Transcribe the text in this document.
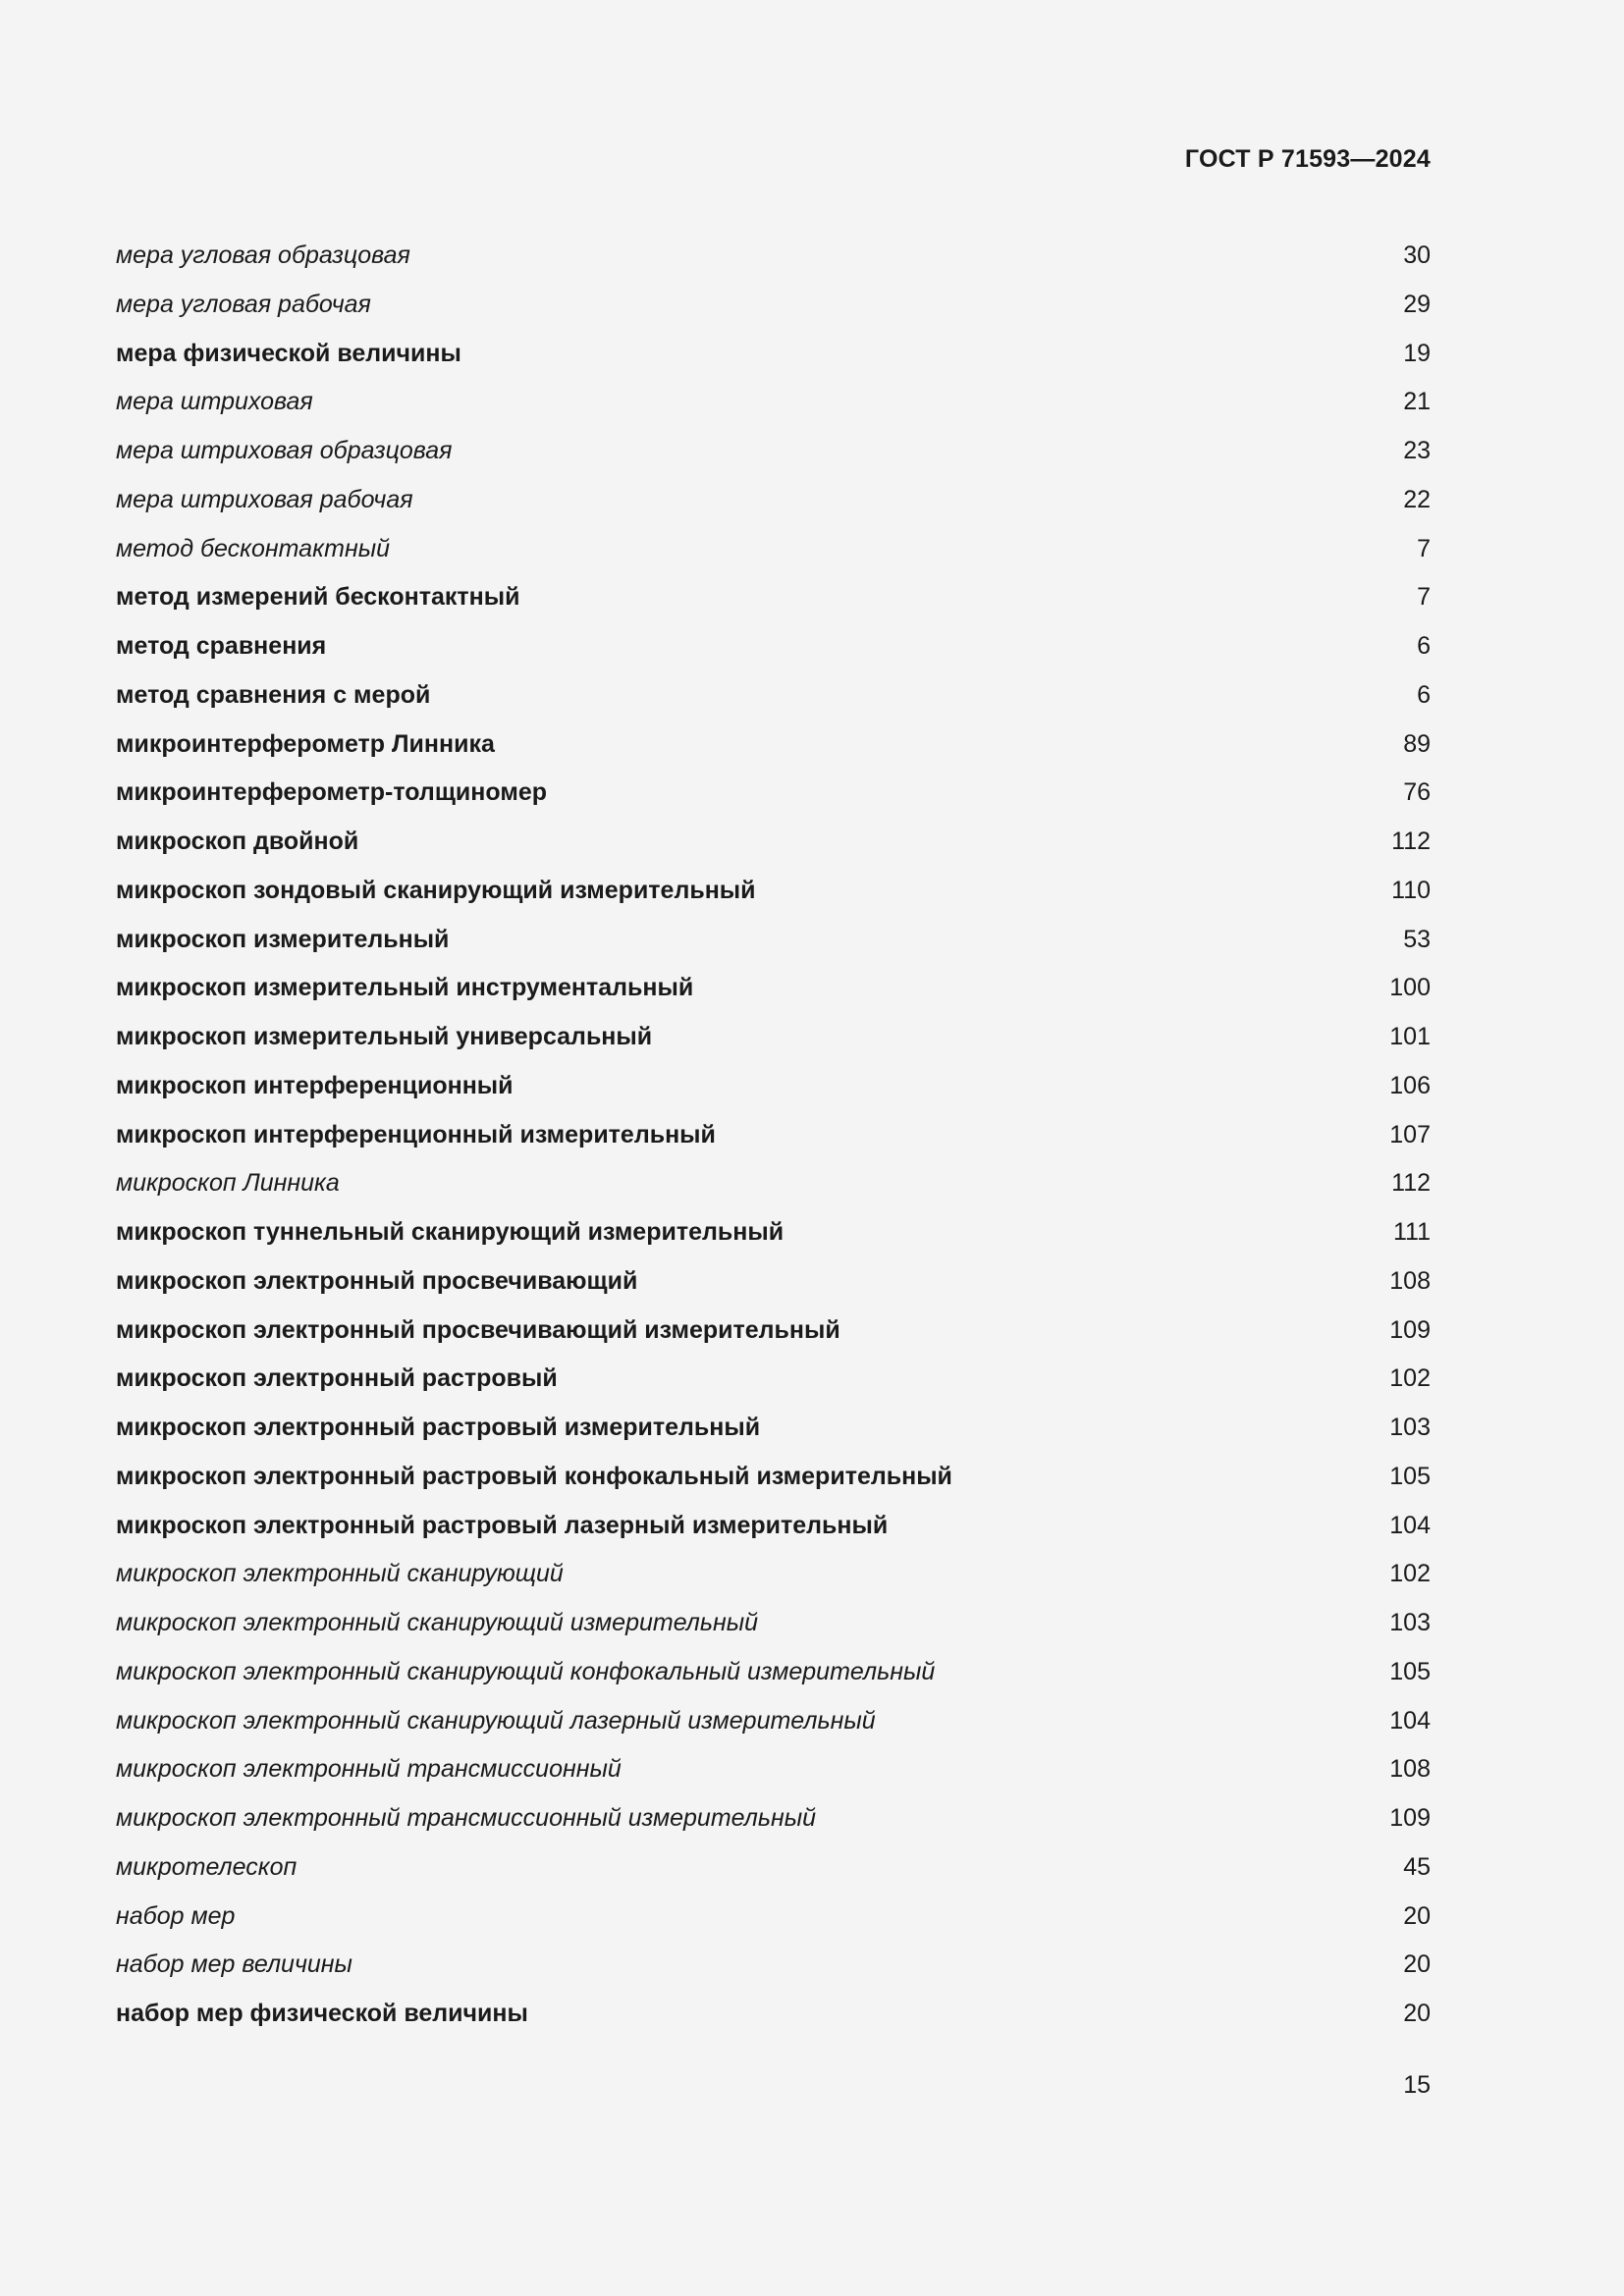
ГОСТ Р 71593—2024
мера угловая образцовая	30
мера угловая рабочая	29
мера физической величины	19
мера штриховая	21
мера штриховая образцовая	23
мера штриховая рабочая	22
метод бесконтактный	7
метод измерений бесконтактный	7
метод сравнения	6
метод сравнения с мерой	6
микроинтерферометр Линника	89
микроинтерферометр-толщиномер	76
микроскоп двойной	112
микроскоп зондовый сканирующий измерительный	110
микроскоп измерительный	53
микроскоп измерительный инструментальный	100
микроскоп измерительный универсальный	101
микроскоп интерференционный	106
микроскоп интерференционный измерительный	107
микроскоп Линника	112
микроскоп туннельный сканирующий измерительный	111
микроскоп электронный просвечивающий	108
микроскоп электронный просвечивающий измерительный	109
микроскоп электронный растровый	102
микроскоп электронный растровый измерительный	103
микроскоп электронный растровый конфокальный измерительный	105
микроскоп электронный растровый лазерный измерительный	104
микроскоп электронный сканирующий	102
микроскоп электронный сканирующий измерительный	103
микроскоп электронный сканирующий конфокальный измерительный	105
микроскоп электронный сканирующий лазерный измерительный	104
микроскоп электронный трансмиссионный	108
микроскоп электронный трансмиссионный измерительный	109
микротелескоп	45
набор мер	20
набор мер величины	20
набор мер физической величины	20
15
